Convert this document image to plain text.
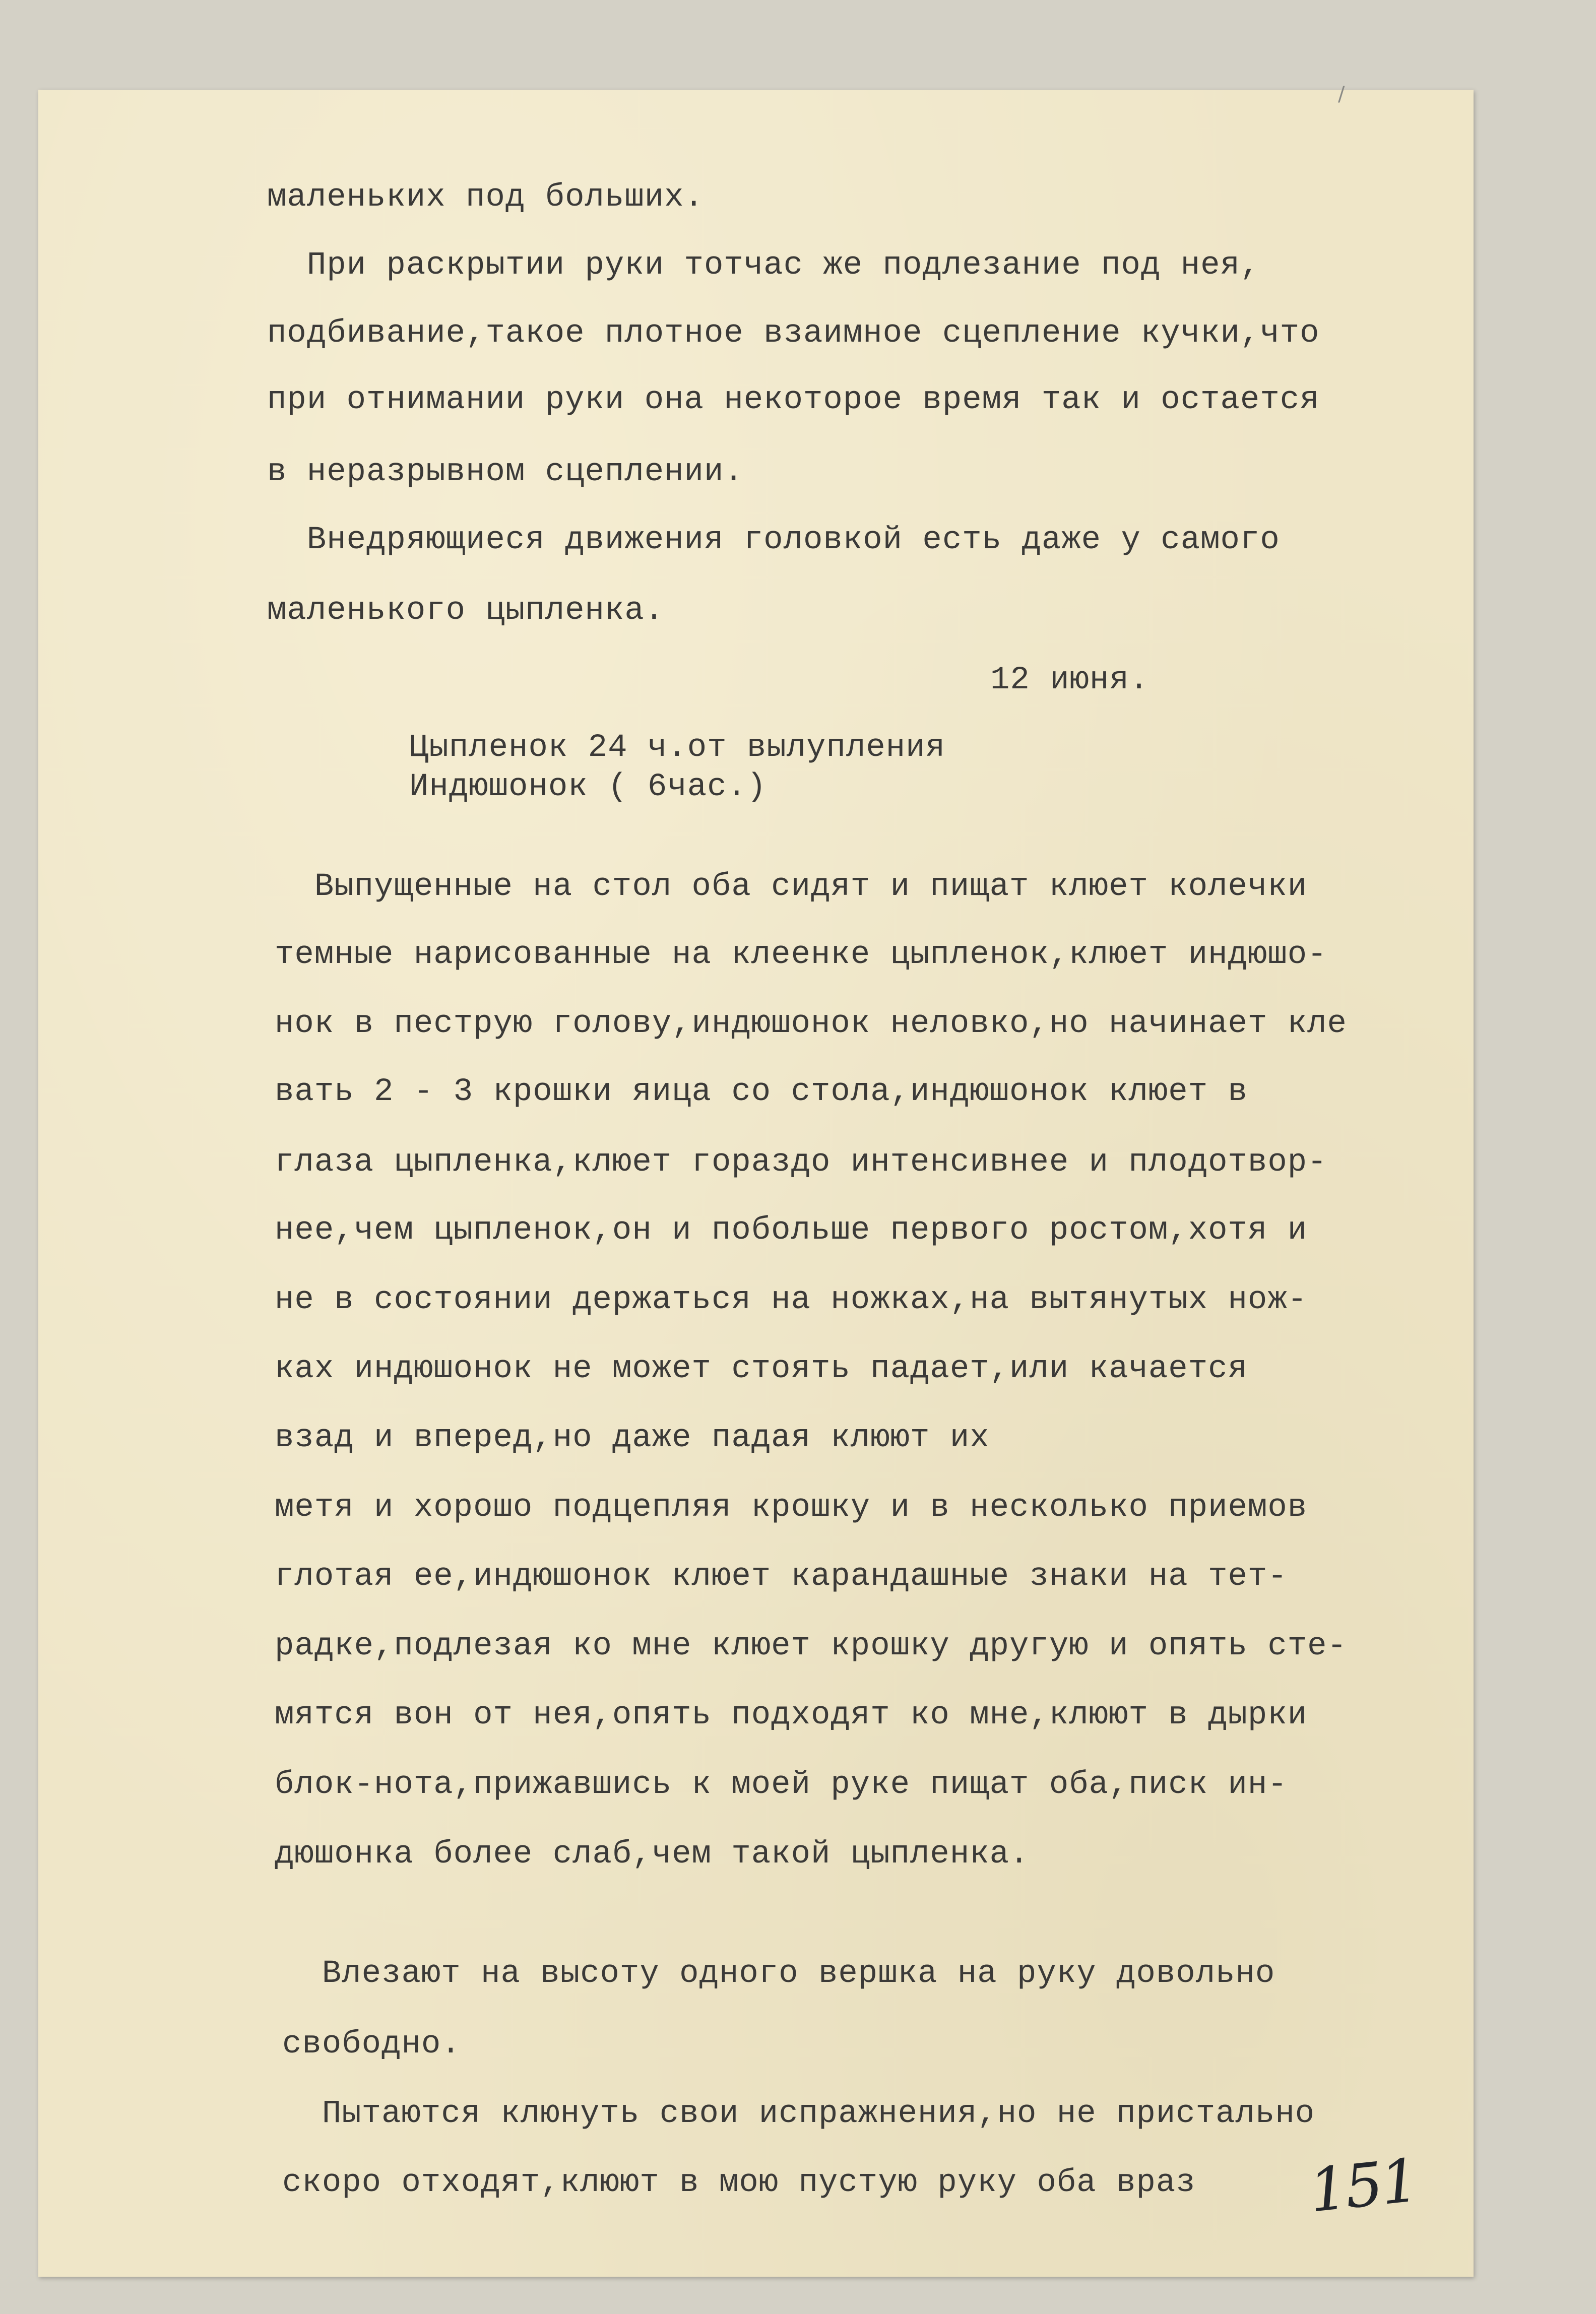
/
маленьких под больших.
При раскрытии руки тотчас же подлезание под нея,
подбивание,такое плотное взаимное сцепление кучки,что
при отнимании руки она некоторое время так и остается
в неразрывном сцеплении.
Внедряющиеся движения головкой есть даже у самого
маленького цыпленка.
12 июня.
Цыпленок 24 ч.от вылупления
Индюшонок ( 6час.)
Выпущенные на стол оба сидят и пищат клюет колечки
темные нарисованные на клеенке цыпленок,клюет индюшо-
нок в пеструю голову,индюшонок неловко,но начинает кле
вать 2 - 3 крошки яица со стола,индюшонок клюет в
глаза цыпленка,клюет гораздо интенсивнее и плодотвор-
нее,чем цыпленок,он и побольше первого ростом,хотя и
не в состоянии держаться на ножках,на вытянутых нож-
ках индюшонок не может стоять падает,или качается
взад и вперед,но даже падая клюют их
метя и хорошо подцепляя крошку и в несколько приемов
глотая ее,индюшонок клюет карандашные знаки на тет-
радке,подлезая ко мне клюет крошку другую и опять сте-
мятся вон от нея,опять подходят ко мне,клюют в дырки
блок-нота,прижавшись к моей руке пищат оба,писк ин-
дюшонка более слаб,чем такой цыпленка.
Влезают на высоту одного вершка на руку довольно
свободно.
Пытаются клюнуть свои испражнения,но не пристально
скоро отходят,клюют в мою пустую руку оба враз 151
